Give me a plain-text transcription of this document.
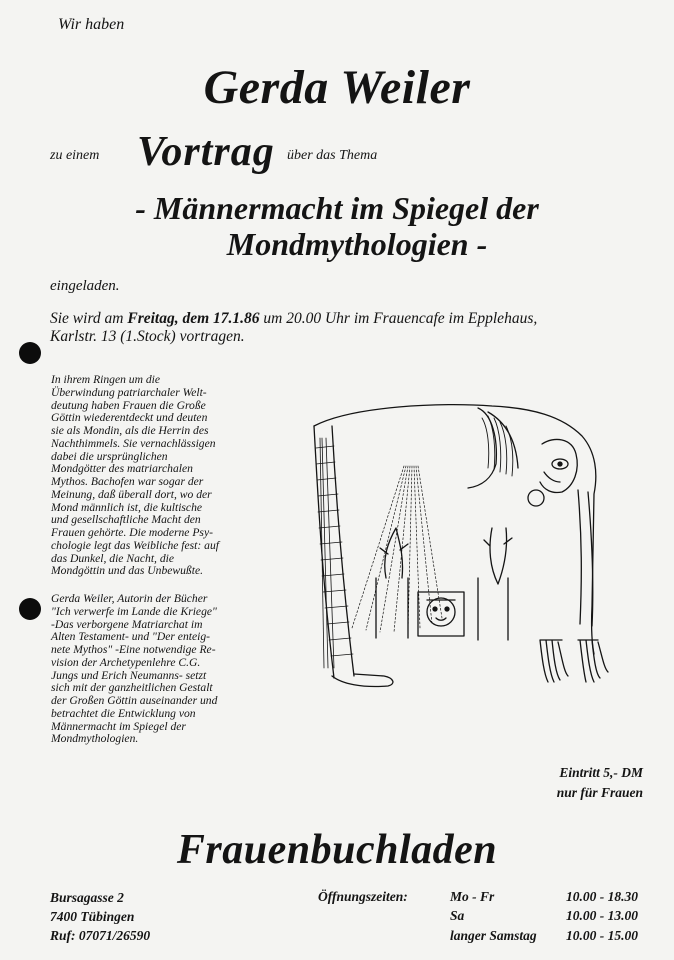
Wir haben
Gerda Weiler
zu einem Vortrag über das Thema
- Männermacht im Spiegel der
Mondmythologien -
eingeladen.
Sie wird am Freitag, dem 17.1.86 um 20.00 Uhr im Frauencafe im Epplehaus,
Karlstr. 13 (1.Stock) vortragen.
In ihrem Ringen um die
Überwindung patriarchaler Welt-
deutung haben Frauen die Große
Göttin wiederentdeckt und deuten
sie als Mondin, als die Herrin des
Nachthimmels. Sie vernachlässigen
dabei die ursprünglichen
Mondgötter des matriarchalen
Mythos. Bachofen war sogar der
Meinung, daß überall dort, wo der
Mond männlich ist, die kultische
und gesellschaftliche Macht den
Frauen gehörte. Die moderne Psy-
chologie legt das Weibliche fest: auf
das Dunkel, die Nacht, die
Mondgöttin und das Unbewußte.
Gerda Weiler, Autorin der Bücher
"Ich verwerfe im Lande die Kriege"
-Das verborgene Matriarchat im
Alten Testament- und "Der enteig-
nete Mythos" -Eine notwendige Re-
vision der Archetypenlehre C.G.
Jungs und Erich Neumanns- setzt
sich mit der ganzheitlichen Gestalt
der Großen Göttin auseinander und
betrachtet die Entwicklung von
Männermacht im Spiegel der
Mondmythologien.
Eintritt 5,- DM
nur für Frauen
Frauenbuchladen
Bursagasse 2
7400 Tübingen
Ruf: 07071/26590
Öffnungszeiten:	Mo - Fr	10.00 - 18.30
Sa	10.00 - 13.00
langer Samstag 10.00 - 15.00
